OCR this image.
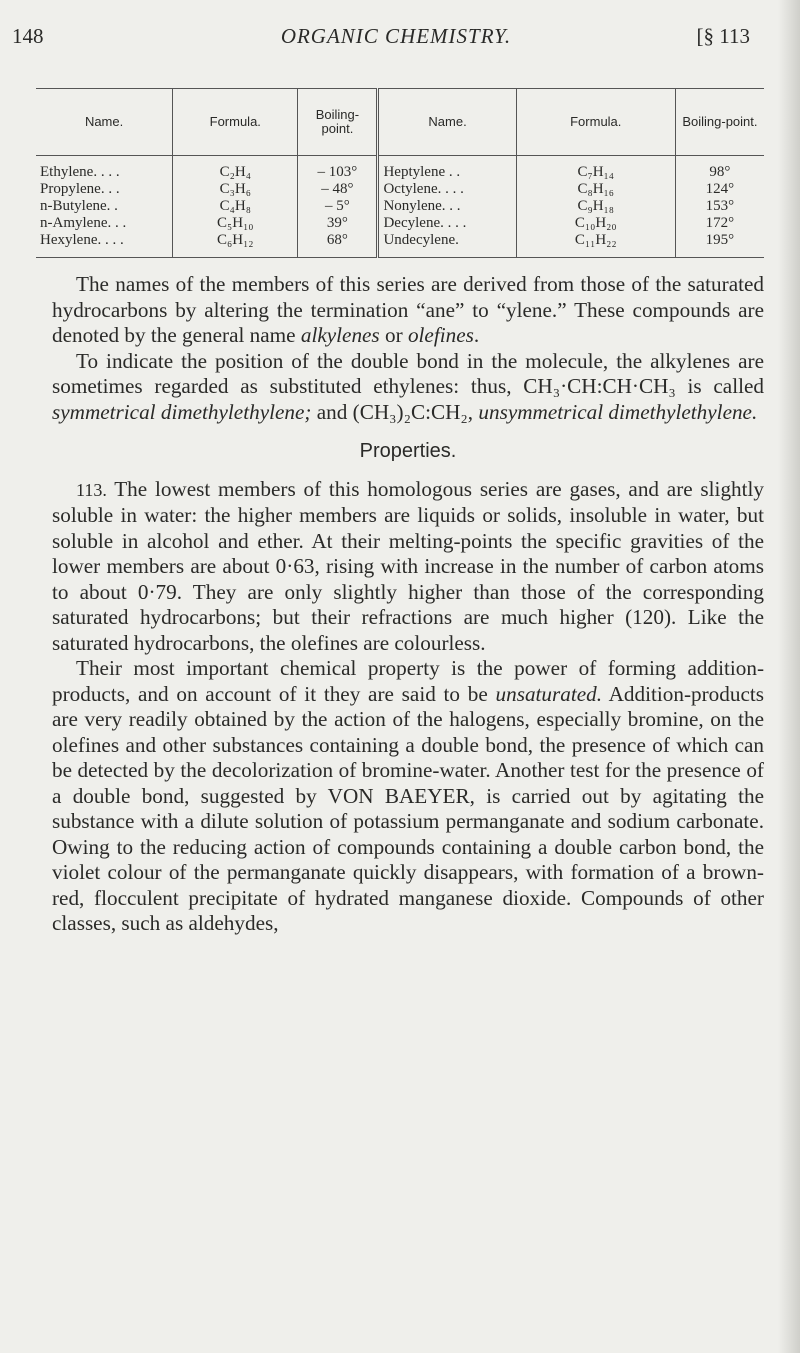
148	ORGANIC CHEMISTRY.	[§ 113
Name.	Formula.	Boiling-point.	Name.	Formula.	Boiling-point.
Ethylene. . . .	C₂H₄	– 103°	Heptylene . .	C₇H₁₄	98°
Propylene. . .	C₃H₆	– 48°	Octylene. . . .	C₈H₁₆	124°
n-Butylene. .	C₄H₈	– 5°	Nonylene. . .	C₉H₁₈	153°
n-Amylene. . .	C₅H₁₀	39°	Decylene. . . .	C₁₀H₂₀	172°
Hexylene. . . .	C₆H₁₂	68°	Undecylene.	C₁₁H₂₂	195°

The names of the members of this series are derived from those of the saturated hydrocarbons by altering the termination “ane” to “ylene.” These compounds are denoted by the general name alkylenes or olefines.

To indicate the position of the double bond in the molecule, the alkylenes are sometimes regarded as substituted ethylenes: thus, CH₃·CH:CH·CH₃ is called symmetrical dimethylethylene; and (CH₃)₂C:CH₂, unsymmetrical dimethylethylene.

Properties.

113. The lowest members of this homologous series are gases, and are slightly soluble in water: the higher members are liquids or solids, insoluble in water, but soluble in alcohol and ether. At their melting-points the specific gravities of the lower members are about 0·63, rising with increase in the number of carbon atoms to about 0·79. They are only slightly higher than those of the corresponding saturated hydrocarbons; but their refractions are much higher (120). Like the saturated hydrocarbons, the olefines are colourless.

Their most important chemical property is the power of forming addition-products, and on account of it they are said to be unsaturated. Addition-products are very readily obtained by the action of the halogens, especially bromine, on the olefines and other substances containing a double bond, the presence of which can be detected by the decolorization of bromine-water. Another test for the presence of a double bond, suggested by VON BAEYER, is carried out by agitating the substance with a dilute solution of potassium permanganate and sodium carbonate. Owing to the reducing action of compounds containing a double carbon bond, the violet colour of the permanganate quickly disappears, with formation of a brown-red, flocculent precipitate of hydrated manganese dioxide. Compounds of other classes, such as aldehydes,
